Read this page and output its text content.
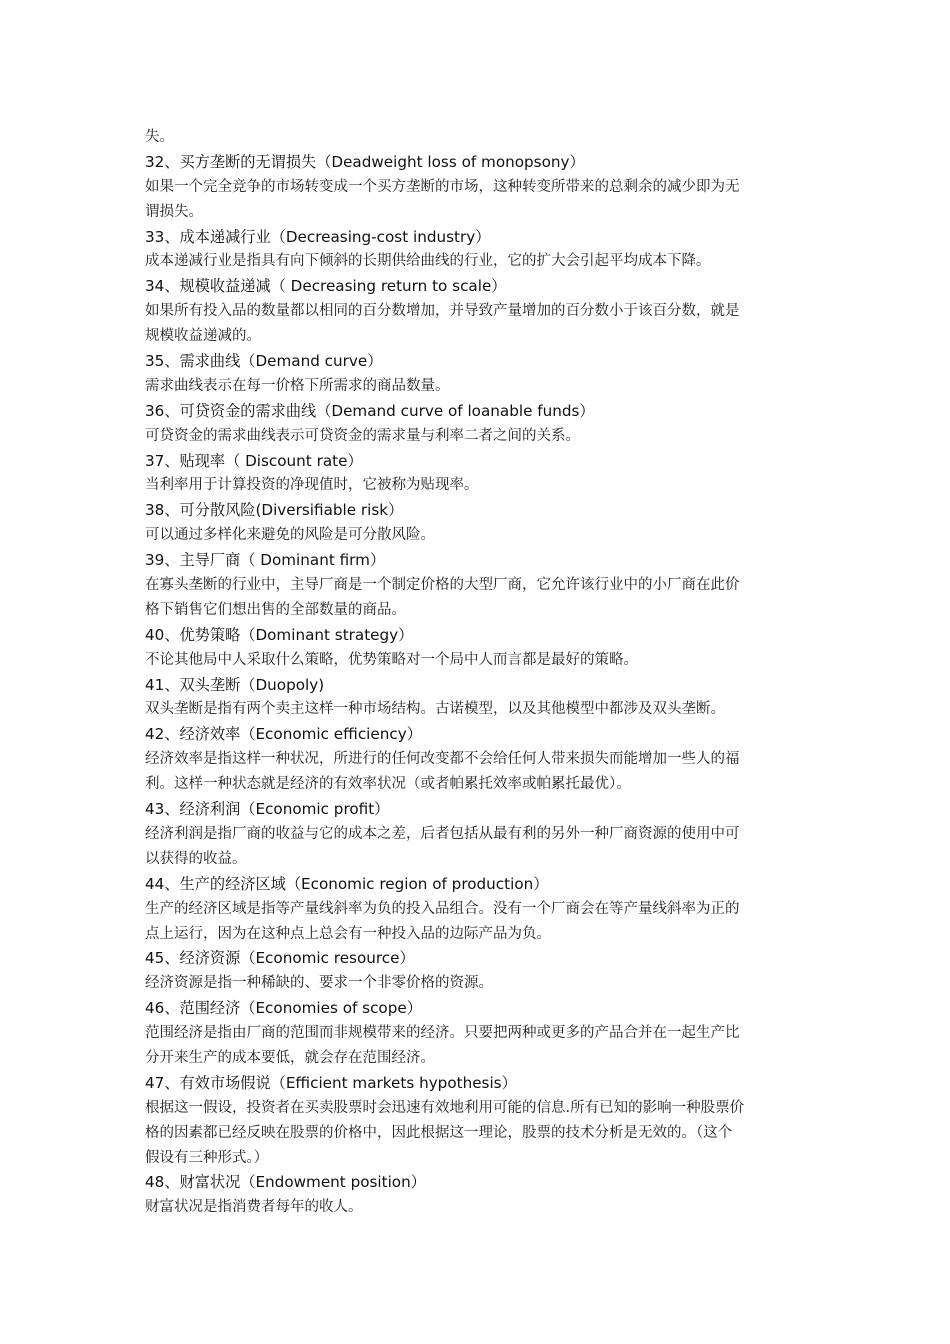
失。
32、买方垄断的无谓损失（Deadweight loss of monopsony）
如果一个完全竞争的市场转变成一个买方垄断的市场，这种转变所带来的总剩余的减少即为无
谓损失。
33、成本递减行业（Decreasing-cost industry）
成本递减行业是指具有向下倾斜的长期供给曲线的行业，它的扩大会引起平均成本下降。
34、规模收益递减（ Decreasing return to scale）
如果所有投入品的数量都以相同的百分数增加，并导致产量增加的百分数小于该百分数，就是
规模收益递减的。
35、需求曲线（Demand curve）
需求曲线表示在每一价格下所需求的商品数量。
36、可贷资金的需求曲线（Demand curve of loanable funds）
可贷资金的需求曲线表示可贷资金的需求量与利率二者之间的关系。
37、贴现率（ Discount rate）
当利率用于计算投资的净现值时，它被称为贴现率。
38、可分散风险(Diversifiable risk）
可以通过多样化来避免的风险是可分散风险。
39、主导厂商（ Dominant firm）
在寡头垄断的行业中，主导厂商是一个制定价格的大型厂商，它允许该行业中的小厂商在此价
格下销售它们想出售的全部数量的商品。
40、优势策略（Dominant strategy）
不论其他局中人采取什么策略，优势策略对一个局中人而言都是最好的策略。
41、双头垄断（Duopoly)
双头垄断是指有两个卖主这样一种市场结构。古诺模型，以及其他模型中都涉及双头垄断。
42、经济效率（Economic efficiency）
经济效率是指这样一种状况，所进行的任何改变都不会给任何人带来损失而能增加一些人的福
利。这样一种状态就是经济的有效率状况（或者帕累托效率或帕累托最优）。
43、经济利润（Economic profit）
经济利润是指厂商的收益与它的成本之差，后者包括从最有利的另外一种厂商资源的使用中可
以获得的收益。
44、生产的经济区域（Economic region of production）
生产的经济区域是指等产量线斜率为负的投入品组合。没有一个厂商会在等产量线斜率为正的
点上运行，因为在这种点上总会有一种投入品的边际产品为负。
45、经济资源（Economic resource）
经济资源是指一种稀缺的、要求一个非零价格的资源。
46、范围经济（Economies of scope）
范围经济是指由厂商的范围而非规模带来的经济。只要把两种或更多的产品合并在一起生产比
分开来生产的成本要低，就会存在范围经济。
47、有效市场假说（Efficient markets hypothesis）
根据这一假设，投资者在买卖股票时会迅速有效地利用可能的信息.所有已知的影响一种股票价
格的因素都已经反映在股票的价格中，因此根据这一理论，股票的技术分析是无效的。（这个
假设有三种形式。）
48、财富状况（Endowment position）
财富状况是指消费者每年的收人。
